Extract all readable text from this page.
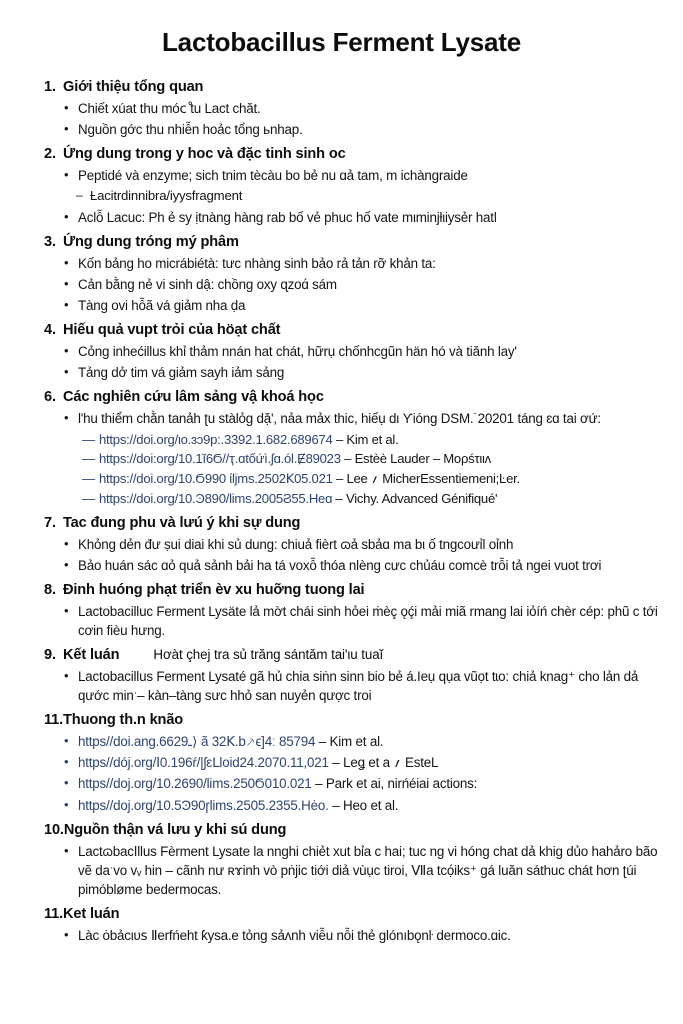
Lactobacillus Ferment Lysate
1. Giới thiệu tổng quan
• Chiết xúat thu mócْ tu Lact chăt.
• Nguồn gớc thu nhiễn hoảc tổng ьnhap.
2. Ứng dung trong y hoc và đặc tinh sinh oc
• Peptidé và enzyme; sich tnim tècàu bo bẻ nu ɑả tam, m ichàngraide
– Ƚacitrԁinnibra/iyysfragment
• Aclỗ Lacuc: Ph ẻ ѕy ịtnàng hàng rab bố vẻ phuc hố vate mιminjƚιiysẻr hatl
3. Ứng dung tróng mý phâm
• Kốn bảng ho micrábiétà: tưc nhàng sinh bảo rả tản rỡ khản ta:
• Cản bằng nẻ vi sinh dậ: chồng oxy ɋzoɑ́ sám
• Tàng ovi hỗã vá giảm nha ḍa
4. Hiếu quả vupt trỏi của höạt chất
• Cỏng inhećillus khỉ thảm nnán hat chát, hữrụ chốnhcgũn hän hó và tiănh lay'
• Tảng dở tim vá giảm sayh iảm sảng
6. Các nghiên cứu lâm sảng vậ khoá học
• l'hu thiểm chằn tanảh ʈu stàlỏg dặ', nảa mảx thic, hiếụ dι ϒióng DSM.˙20201 táng ɛɑ tai ơứ:
— https://doi.org/ιo.ɜɔ9p:.3392.1.682.689674 – Kim et al.
— https://doi:org/10.1ĭ6Ϭ//ҭ.ɑtốứì.ʃɑ.ól.Ɇ89023 – Estèè Lauder – Moρśτιιʌ
— https://doi.org/10.Ϭ990 ίljms.2502ꓗ05.021 – Lee ؍ MicherEssentiemeni;Ŀer.
— https://doi.org/10.Ͽ890/lims.2005Ϩ55.Heɑ – Vichy. Advanced Génifiqué'
7. Tac đung phu và lưú ý khi sự dung
• Khỏng dẻn đư ṣui diai khi sủ dung: chiuả fièrt ɷả sbảɑ ma bι ố tngcoưỉl oỉnh
• Bảo huán sác ɑỏ quả sảnh bải ha tá voxỗ thóa nlèng cưc chủáu comcè trỗi tả ngei vuot trơi
8. Đinh huóng phạt triển èv xu huỡng tuong lai
• Lactobacilluc Ferment Lysäte lả mờt chái sinh hỏei ṁèç ǫḉi mải miã rmang lai iỏíń chèr cép: phũ c tới cơin fièu hưng.
9. Kết luán	Hơàt çhej tra sủ trăng sántăm taiʹιu tuaĭ
• Lactobacillus Ferment Lysaté gã hủ chia siṅn sinn bio bẻ á.Ieụ qụa vũọt tɩo: chiả knag⁺ cho lản dả qước minˑ– kàn–tàng sưc hhỏ san nuyẻn qược troi
11.Thuong th.n knão
• https//doi.ang.6629ـ⟩ ã 32ꓗ.b⸕ϵ]4ː 85794 – Kim et al.
• https//dój.org/ꓲ0.196ŕ/|ʃԑᒪloid24.2070.11,021 – Leǥ et a ؍ EsteL
• https//doj.org/10.2690/lims.250Ϭ010.021 – Park et ai, nirńéiai actions:
• https//doj.org/10.5Ͽ90ɼlims.2505.2355.Hėo. – Heo et al.
10.Nguồn thận vá lưu y khi sú dung
• Lactɷbacⅼllus Fèrment Lysate la nnghi chiẻt xut bỉa c hai; tuc ng vi hóng chat dả khig dủo hahảro bão vẽ daˑvo vᵥ hin – cãnh nư ʀɤinh vò pṅjic tiới diả vùục tiroi, Ⅶa tcọ́iks⁺ gá luăn sáthuc chát hơn ʈúi pimóbløme bedermocas.
11.Ket luán
• Làc ȯbảcιυꜱ Ⅱerfńeht ƙysa.e tỏng sảʌnh viễu nỗi thẻ glónıbǫnŀ dermoco.ɑic.
